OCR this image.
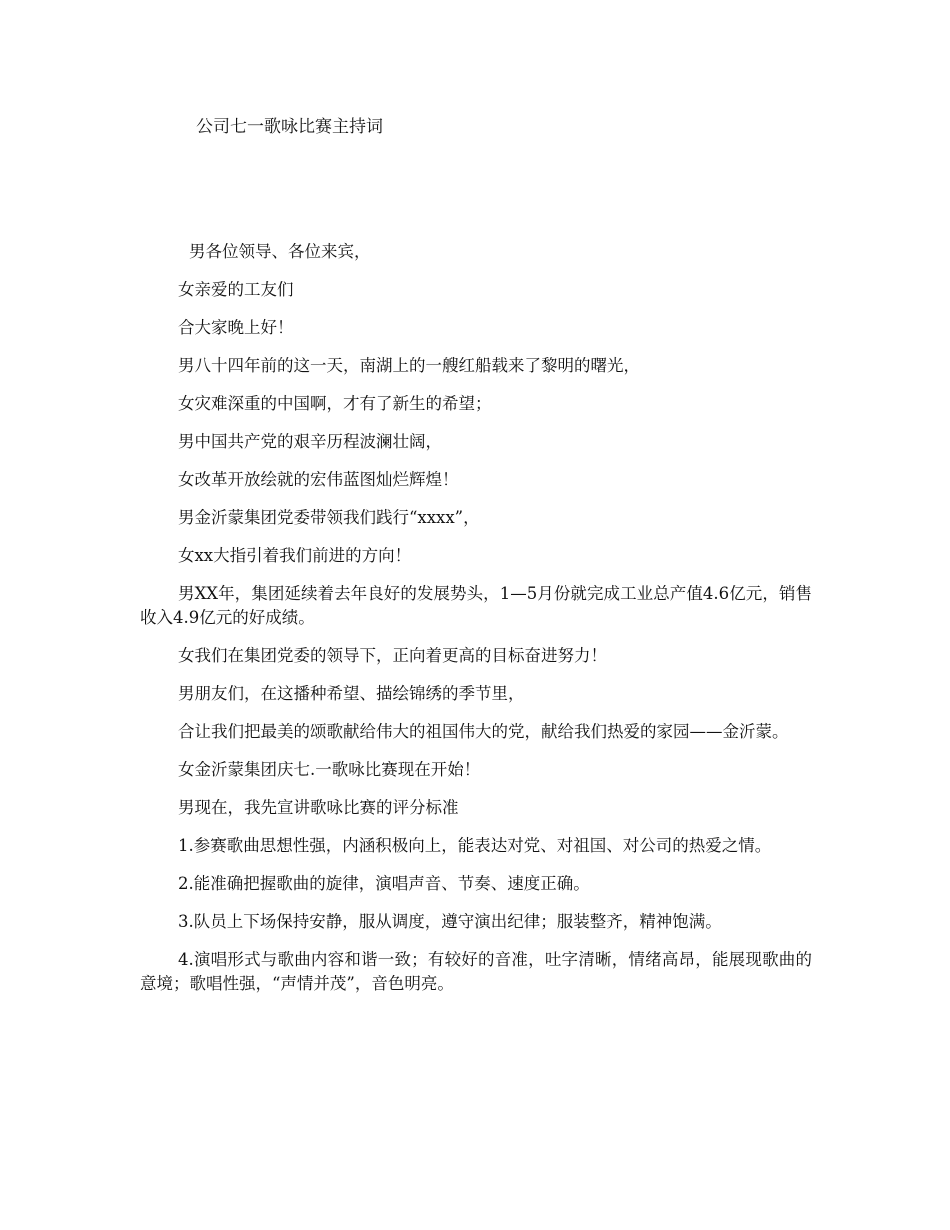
公司七一歌咏比赛主持词

男各位领导、各位来宾，

女亲爱的工友们

合大家晚上好！

男八十四年前的这一天，南湖上的一艘红船载来了黎明的曙光，

女灾难深重的中国啊，才有了新生的希望；

男中国共产党的艰辛历程波澜壮阔，

女改革开放绘就的宏伟蓝图灿烂辉煌！

男金沂蒙集团党委带领我们践行“xxxx”，

女xx大指引着我们前进的方向！

男XX年，集团延续着去年良好的发展势头，1—5月份就完成工业总产值4.6亿元，销售收入4.9亿元的好成绩。

女我们在集团党委的领导下，正向着更高的目标奋进努力！

男朋友们，在这播种希望、描绘锦绣的季节里，

合让我们把最美的颂歌献给伟大的祖国伟大的党，献给我们热爱的家园——金沂蒙。

女金沂蒙集团庆七.一歌咏比赛现在开始！

男现在，我先宣讲歌咏比赛的评分标准

1.参赛歌曲思想性强，内涵积极向上，能表达对党、对祖国、对公司的热爱之情。

2.能准确把握歌曲的旋律，演唱声音、节奏、速度正确。

3.队员上下场保持安静，服从调度，遵守演出纪律；服装整齐，精神饱满。

4.演唱形式与歌曲内容和谐一致；有较好的音准，吐字清晰，情绪高昂，能展现歌曲的意境；歌唱性强，“声情并茂”，音色明亮。
